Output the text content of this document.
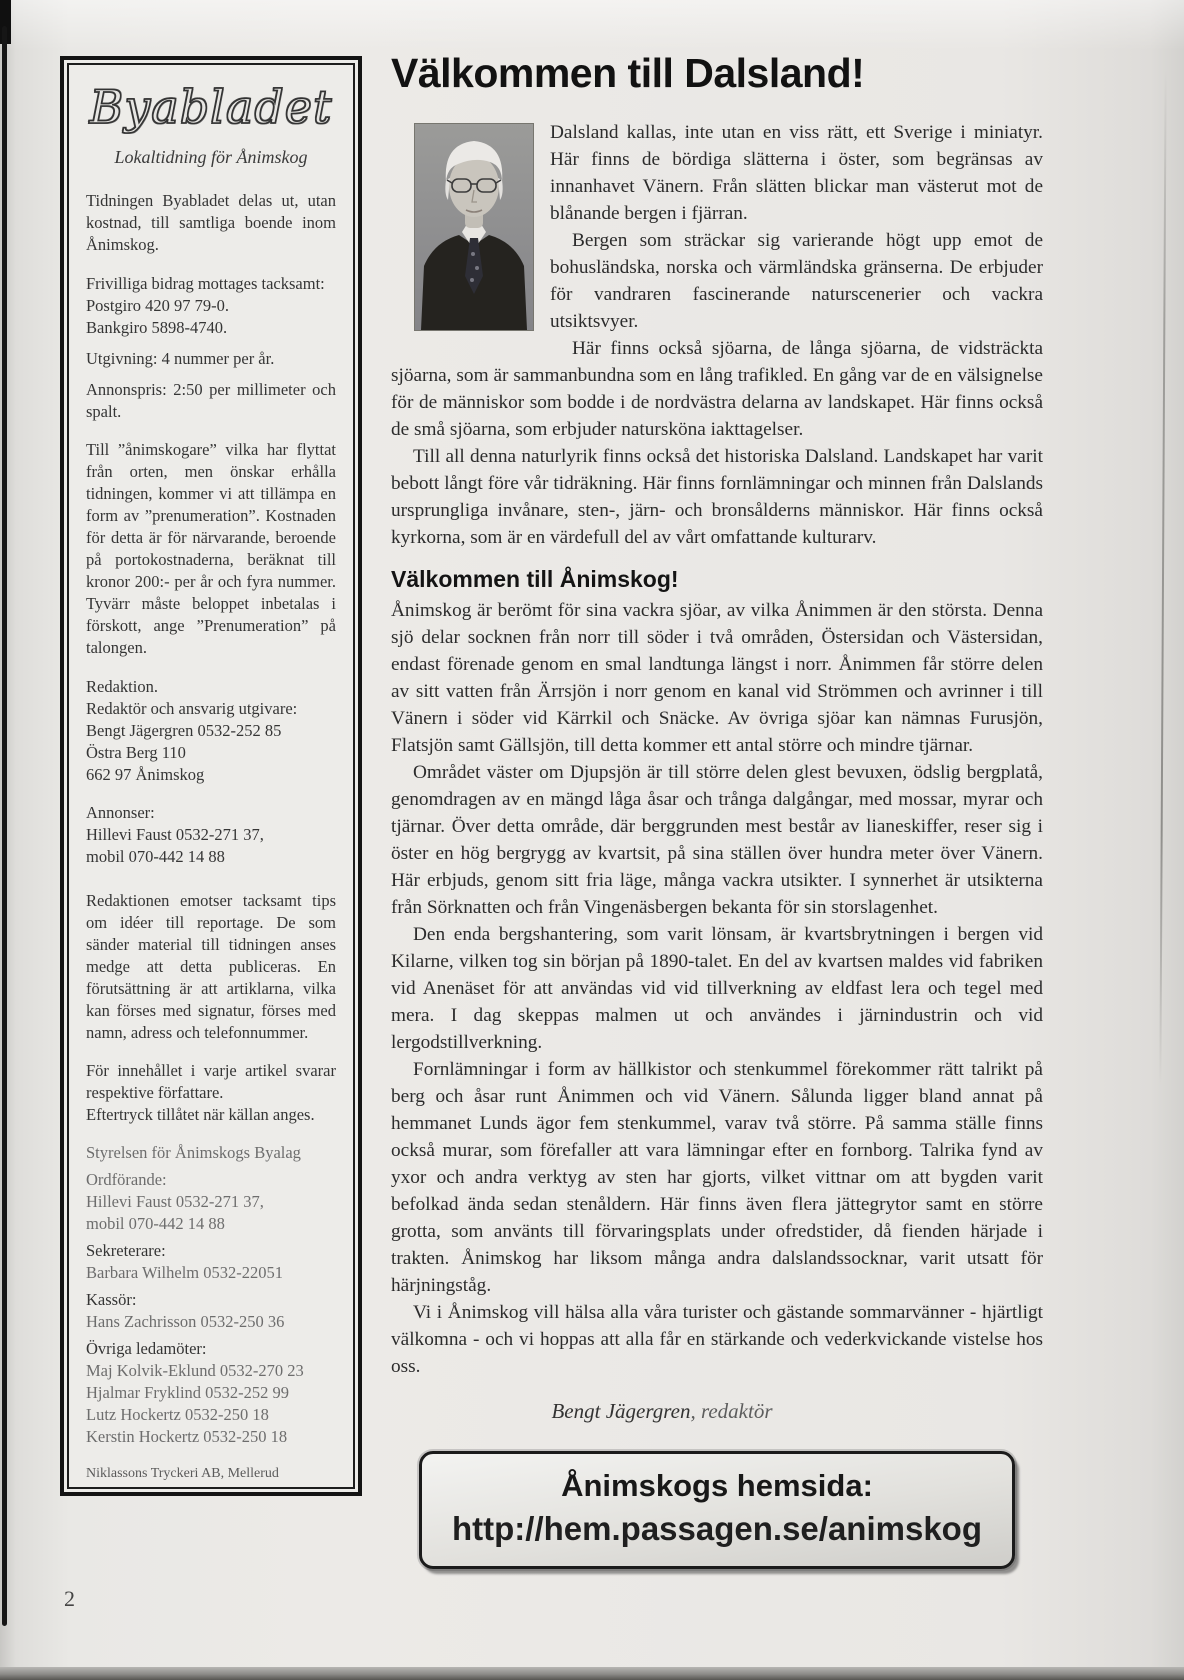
Byabladet
Lokaltidning för Ånimskog

Tidningen Byabladet delas ut, utan kostnad, till samtliga boende inom Ånimskog.

Frivilliga bidrag mottages tacksamt:
Postgiro 420 97 79-0.
Bankgiro 5898-4740.
Utgivning: 4 nummer per år.

Annonspris: 2:50 per millimeter och spalt.

Till ”ånimskogare” vilka har flyttat från orten, men önskar erhålla tidningen, kommer vi att tillämpa en form av ”prenumeration”. Kostnaden för detta är för närvarande, beroende på portokostnaderna, beräknat till kronor 200:- per år och fyra nummer. Tyvärr måste beloppet inbetalas i förskott, ange ”Prenumeration” på talongen.

Redaktion.
Redaktör och ansvarig utgivare:
Bengt Jägergren 0532-252 85
Östra Berg 110
662 97 Ånimskog
Annonser:
Hillevi Faust 0532-271 37,
mobil 070-442 14 88

Redaktionen emotser tacksamt tips om idéer till reportage. De som sänder material till tidningen anses medge att detta publiceras. En förutsättning är att artiklarna, vilka kan förses med signatur, förses med namn, adress och telefonnummer.

För innehållet i varje artikel svarar respektive författare.

Eftertryck tillåtet när källan anges.

Styrelsen för Ånimskogs Byalag
Ordförande:
Hillevi Faust 0532-271 37,
mobil 070-442 14 88
Sekreterare:
Barbara Wilhelm 0532-22051
Kassör:
Hans Zachrisson 0532-250 36
Övriga ledamöter:
Maj Kolvik-Eklund 0532-270 23
Hjalmar Fryklind 0532-252 99
Lutz Hockertz 0532-250 18
Kerstin Hockertz 0532-250 18
Niklassons Tryckeri AB, Mellerud
Välkommen till Dalsland!

Dalsland kallas, inte utan en viss rätt, ett Sverige i miniatyr. Här finns de bördiga slätterna i öster, som begränsas av innanhavet Vänern. Från slätten blickar man västerut mot de blånande bergen i fjärran.

Bergen som sträckar sig varierande högt upp emot de bohusländska, norska och värmländska gränserna. De erbjuder för vandraren fascinerande naturscenerier och vackra utsiktsvyer.

Här finns också sjöarna, de långa sjöarna, de vidsträckta sjöarna, som är sammanbundna som en lång trafikled. En gång var de en välsignelse för de människor som bodde i de nordvästra delarna av landskapet. Här finns också de små sjöarna, som erbjuder natursköna iakttagelser.

Till all denna naturlyrik finns också det historiska Dalsland. Landskapet har varit bebott långt före vår tidräkning. Här finns fornlämningar och minnen från Dalslands ursprungliga invånare, sten-, järn- och bronsålderns människor. Här finns också kyrkorna, som är en värdefull del av vårt omfattande kulturarv.

Välkommen till Ånimskog!

Ånimskog är berömt för sina vackra sjöar, av vilka Ånimmen är den största. Denna sjö delar socknen från norr till söder i två områden, Östersidan och Västersidan, endast förenade genom en smal landtunga längst i norr. Ånimmen får större delen av sitt vatten från Ärrsjön i norr genom en kanal vid Strömmen och avrinner i till Vänern i söder vid Kärrkil och Snäcke. Av övriga sjöar kan nämnas Furusjön, Flatsjön samt Gällsjön, till detta kommer ett antal större och mindre tjärnar.

Området väster om Djupsjön är till större delen glest bevuxen, ödslig bergplatå, genomdragen av en mängd låga åsar och trånga dalgångar, med mossar, myrar och tjärnar. Över detta område, där berggrunden mest består av lianeskiffer, reser sig i öster en hög bergrygg av kvartsit, på sina ställen över hundra meter över Vänern. Här erbjuds, genom sitt fria läge, många vackra utsikter. I synnerhet är utsikterna från Sörknatten och från Vingenäsbergen bekanta för sin storslagenhet.

Den enda bergshantering, som varit lönsam, är kvartsbrytningen i bergen vid Kilarne, vilken tog sin början på 1890-talet. En del av kvartsen maldes vid fabriken vid Anenäset för att användas vid vid tillverkning av eldfast lera och tegel med mera. I dag skeppas malmen ut och användes i järnindustrin och vid lergodstillverkning.

Fornlämningar i form av hällkistor och stenkummel förekommer rätt talrikt på berg och åsar runt Ånimmen och vid Vänern. Sålunda ligger bland annat på hemmanet Lunds ägor fem stenkummel, varav två större. På samma ställe finns också murar, som förefaller att vara lämningar efter en fornborg. Talrika fynd av yxor och andra verktyg av sten har gjorts, vilket vittnar om att bygden varit befolkad ända sedan stenåldern. Här finns även flera jättegrytor samt en större grotta, som använts till förvaringsplats under ofredstider, då fienden härjade i trakten. Ånimskog har liksom många andra dalslandssocknar, varit utsatt för härjningståg.

Vi i Ånimskog vill hälsa alla våra turister och gästande sommarvänner - hjärtligt välkomna - och vi hoppas att alla får en stärkande och vederkvickande vistelse hos oss.

Bengt Jägergren, redaktör
Ånimskogs hemsida:
http://hem.passagen.se/animskog
2
